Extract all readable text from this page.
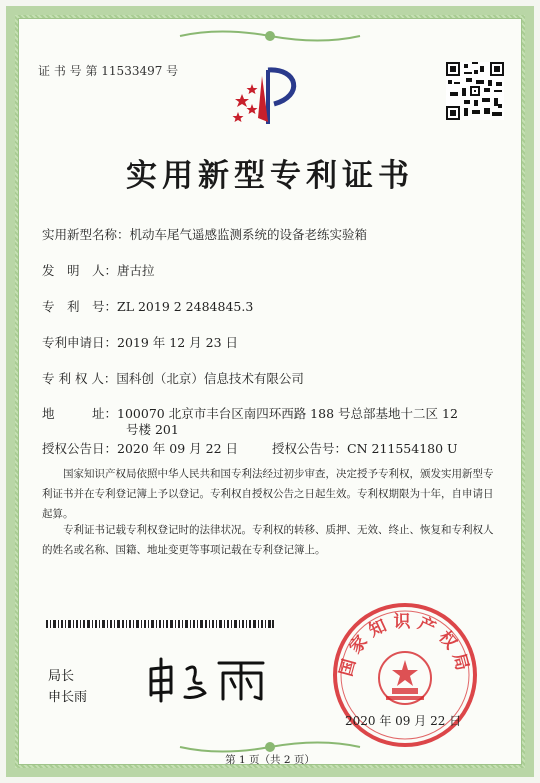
证 书 号 第 11533497 号
实用新型专利证书
实用新型名称：机动车尾气遥感监测系统的设备老练实验箱
发　明　人：唐古拉
专　利　号：ZL 2019 2 2484845.3
专利申请日：2019 年 12 月 23 日
专 利 权 人：国科创（北京）信息技术有限公司
地　　　址：100070 北京市丰台区南四环西路 188 号总部基地十二区 12
号楼 201
授权公告日：2020 年 09 月 22 日	授权公告号：CN 211554180 U
国家知识产权局依照中华人民共和国专利法经过初步审查，决定授予专利权，颁发实用新型专利证书并在专利登记簿上予以登记。专利权自授权公告之日起生效。专利权期限为十年，自申请日起算。
专利证书记载专利权登记时的法律状况。专利权的转移、质押、无效、终止、恢复和专利权人的姓名或名称、国籍、地址变更等事项记载在专利登记簿上。
局长
申长雨
国家知识产权局
2020 年 09 月 22 日
第 1 页（共 2 页）
